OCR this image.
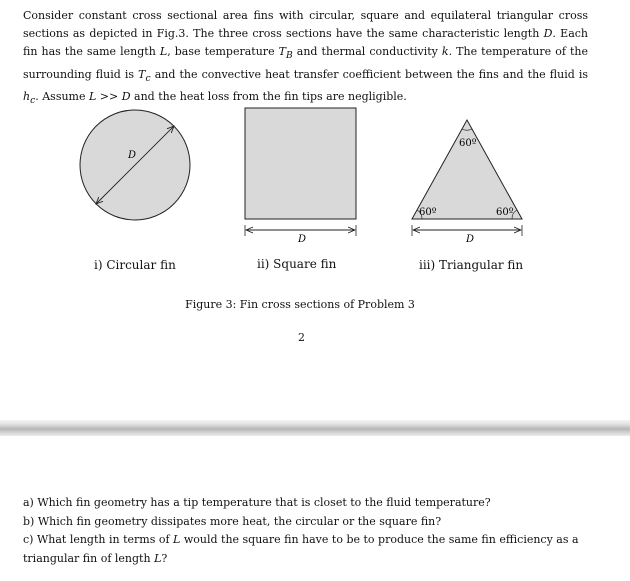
Consider constant cross sectional area fins with circular, square and equilateral triangular cross sections as depicted in Fig.3. The three cross sections have the same characteristic length D. Each fin has the same length L, base temperature $T_B$ and thermal conductivity k. The temperature of the surrounding fluid is $T_c$ and the convective heat transfer coefficient between the fins and the fluid is $h_c$. Assume L >> D and the heat loss from the fin tips are negligible.

D
D
60º
60º	60º
D
i) Circular fin	ii) Square fin	iii) Triangular fin
Figure 3: Fin cross sections of Problem 3
2
a) Which fin geometry has a tip temperature that is closet to the fluid temperature?
b) Which fin geometry dissipates more heat, the circular or the square fin?
c) What length in terms of L would the square fin have to be to produce the same fin efficiency as a triangular fin of length L?
